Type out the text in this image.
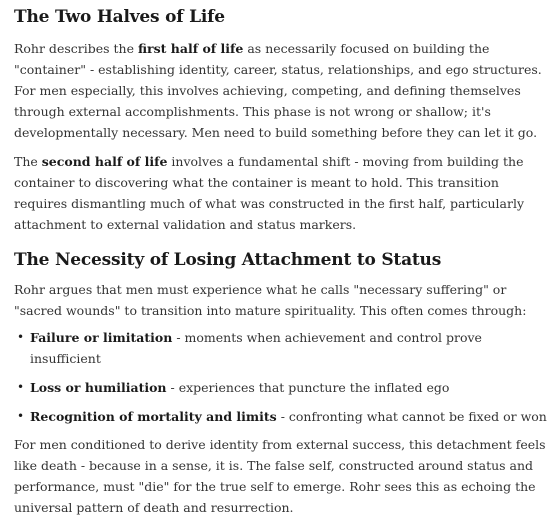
The Two Halves of Life

Rohr describes the first half of life as necessarily focused on building the "container" - establishing identity, career, status, relationships, and ego structures. For men especially, this involves achieving, competing, and defining themselves through external accomplishments. This phase is not wrong or shallow; it's developmentally necessary. Men need to build something before they can let it go.

The second half of life involves a fundamental shift - moving from building the container to discovering what the container is meant to hold. This transition requires dismantling much of what was constructed in the first half, particularly attachment to external validation and status markers.

The Necessity of Losing Attachment to Status

Rohr argues that men must experience what he calls "necessary suffering" or "sacred wounds" to transition into mature spirituality. This often comes through:

• Failure or limitation - moments when achievement and control prove insufficient
• Loss or humiliation - experiences that puncture the inflated ego
• Recognition of mortality and limits - confronting what cannot be fixed or won

For men conditioned to derive identity from external success, this detachment feels like death - because in a sense, it is. The false self, constructed around status and performance, must "die" for the true self to emerge. Rohr sees this as echoing the universal pattern of death and resurrection.
